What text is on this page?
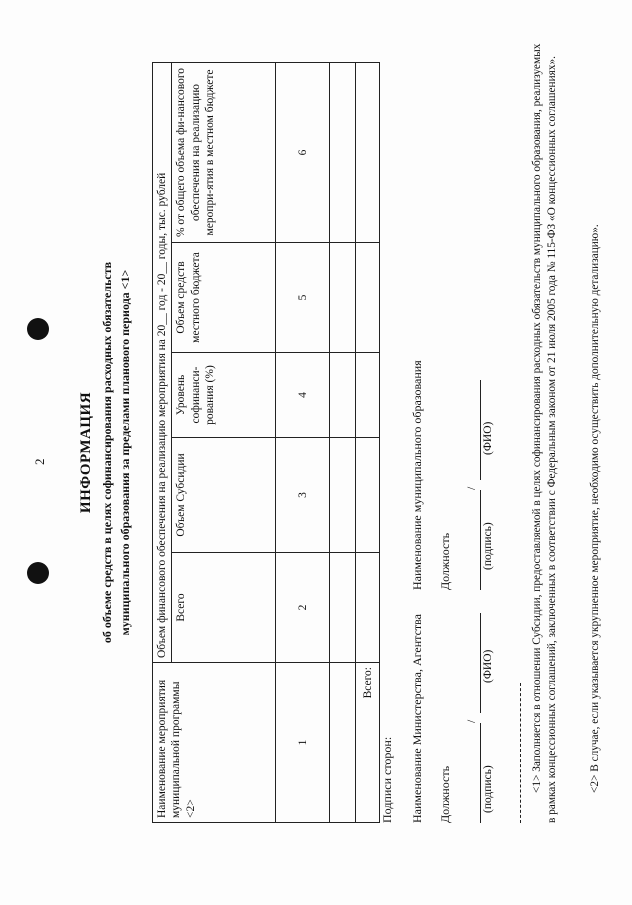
2 ИНФОРМАЦИЯ об объеме средств в целях софинансирования расходных обязательств муниципального образования за пределами планового периода <1>
Наименование мероприятия муниципальной программы <2>	Объем финансового обеспечения на реализацию мероприятия на 20__ год - 20__ годы, тыс. рублей				
	Всего	Объем Субсидии	Уровень софинанси-рования (%)	Объем средств местного бюджета	% от общего объема фи-нансового обеспечения на реализацию меропри-ятия в местном бюджете
1	2	3	4	5	6

Всего:					
Подписи сторон: Наименование Министерства, Агентства Должность
/
(подпись)
(ФИО)
Наименование муниципального образования Должность
/
(подпись)
(ФИО)	<1> Заполняется в отношении Субсидии, предоставляемой в целях софинансирования расходных обязательств муниципального образования, реализуемых в рамках концессионных соглашений, заключенных в соответствии с Федеральным законом от 21 июля 2005 года № 115-ФЗ «О концессионных соглашениях».	<2> В случае, если указывается укрупненное мероприятие, необходимо осуществить дополнительную детализацию».
